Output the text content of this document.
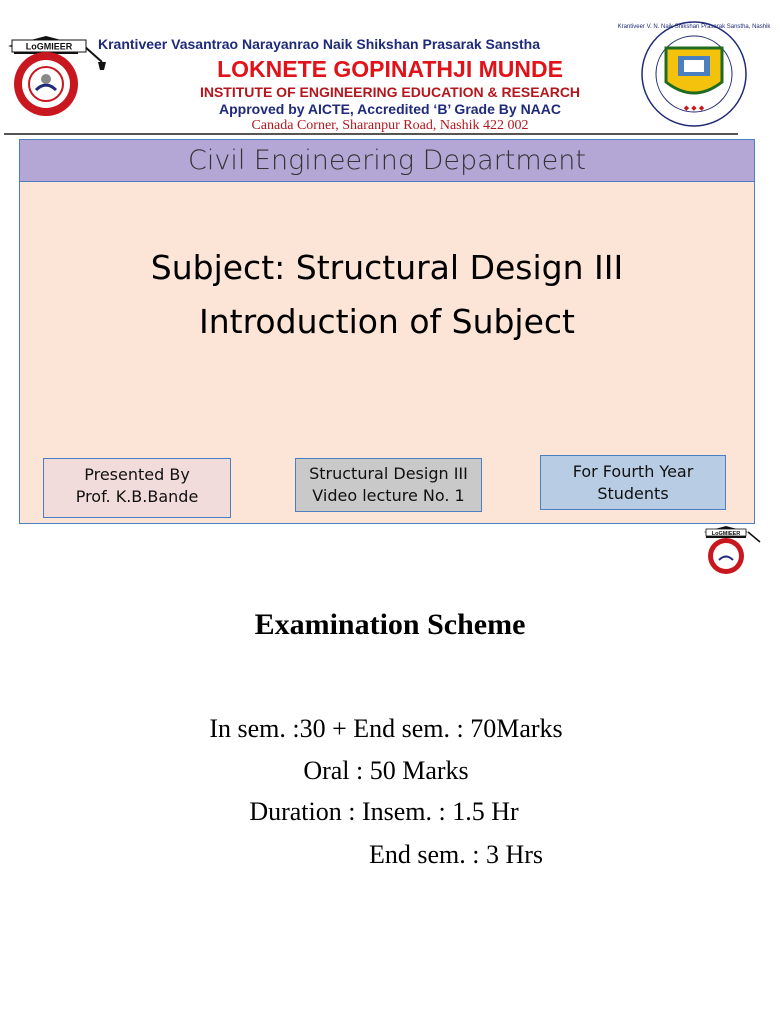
LoGMIEER
◆ ◆ ◆
Krantiveer V. N. Naik Shikshan Prasarak Sanstha, Nashik
Krantiveer Vasantrao Narayanrao Naik Shikshan Prasarak Sanstha
LOKNETE GOPINATHJI MUNDE
INSTITUTE OF ENGINEERING EDUCATION & RESEARCH
Approved by AICTE, Accredited ‘B’ Grade By NAAC
Canada Corner, Sharanpur Road, Nashik 422 002
Civil Engineering Department
Subject: Structural Design III
Introduction of Subject
Presented By
Prof. K.B.Bande
Structural Design III
Video lecture No. 1
For Fourth Year
Students
LoGMIEER
Examination Scheme
In sem. :30 + End sem. : 70Marks
Oral : 50 Marks
Duration : Insem. : 1.5 Hr
End sem. : 3 Hrs
